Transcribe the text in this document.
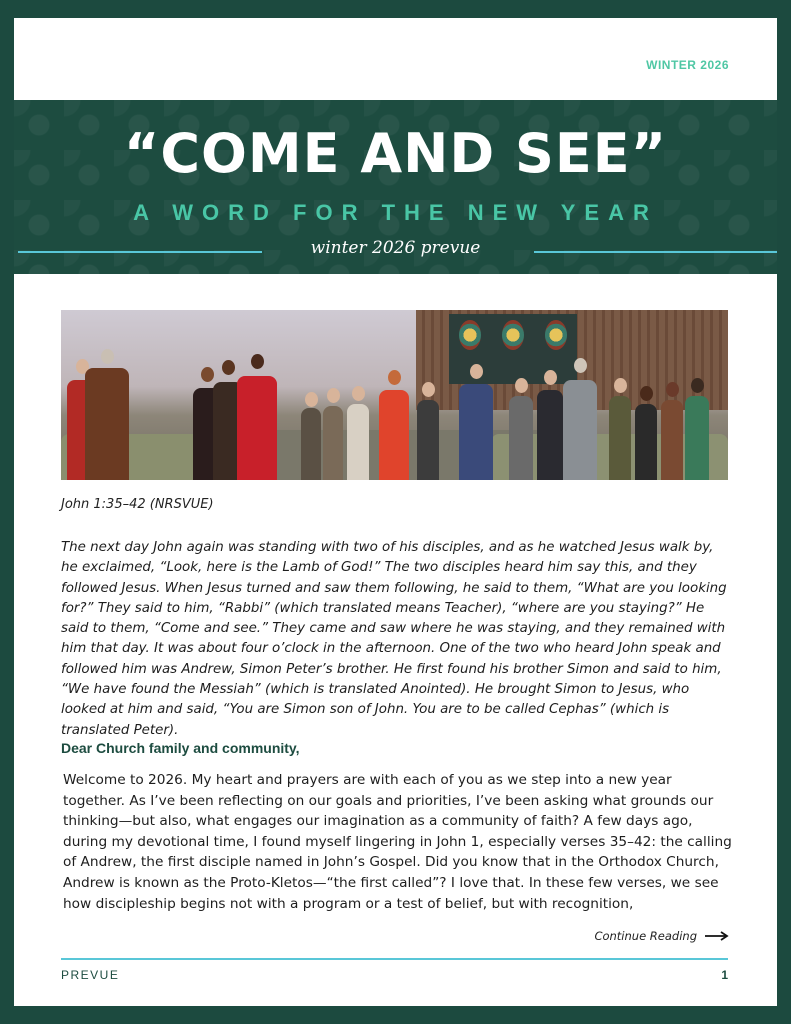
WINTER 2026
“COME AND SEE”
A WORD FOR THE NEW YEAR
winter 2026 prevue
John 1:35–42 (NRSVUE)
The next day John again was standing with two of his disciples, and as he watched Jesus walk by, he exclaimed, “Look, here is the Lamb of God!” The two disciples heard him say this, and they followed Jesus. When Jesus turned and saw them following, he said to them, “What are you looking for?” They said to him, “Rabbi” (which translated means Teacher), “where are you staying?” He said to them, “Come and see.” They came and saw where he was staying, and they remained with him that day. It was about four o’clock in the afternoon. One of the two who heard John speak and followed him was Andrew, Simon Peter’s brother. He first found his brother Simon and said to him, “We have found the Messiah” (which is translated Anointed). He brought Simon to Jesus, who looked at him and said, “You are Simon son of John. You are to be called Cephas” (which is translated Peter).
Dear Church family and community,
Welcome to 2026. My heart and prayers are with each of you as we step into a new year together. As I’ve been reflecting on our goals and priorities, I’ve been asking what grounds our thinking—but also, what engages our imagination as a community of faith? A few days ago, during my devotional time, I found myself lingering in John 1, especially verses 35–42: the calling of Andrew, the first disciple named in John’s Gospel. Did you know that in the Orthodox Church, Andrew is known as the Proto-Kletos—“the first called”? I love that. In these few verses, we see how discipleship begins not with a program or a test of belief, but with recognition,
Continue Reading
PREVUE	1
